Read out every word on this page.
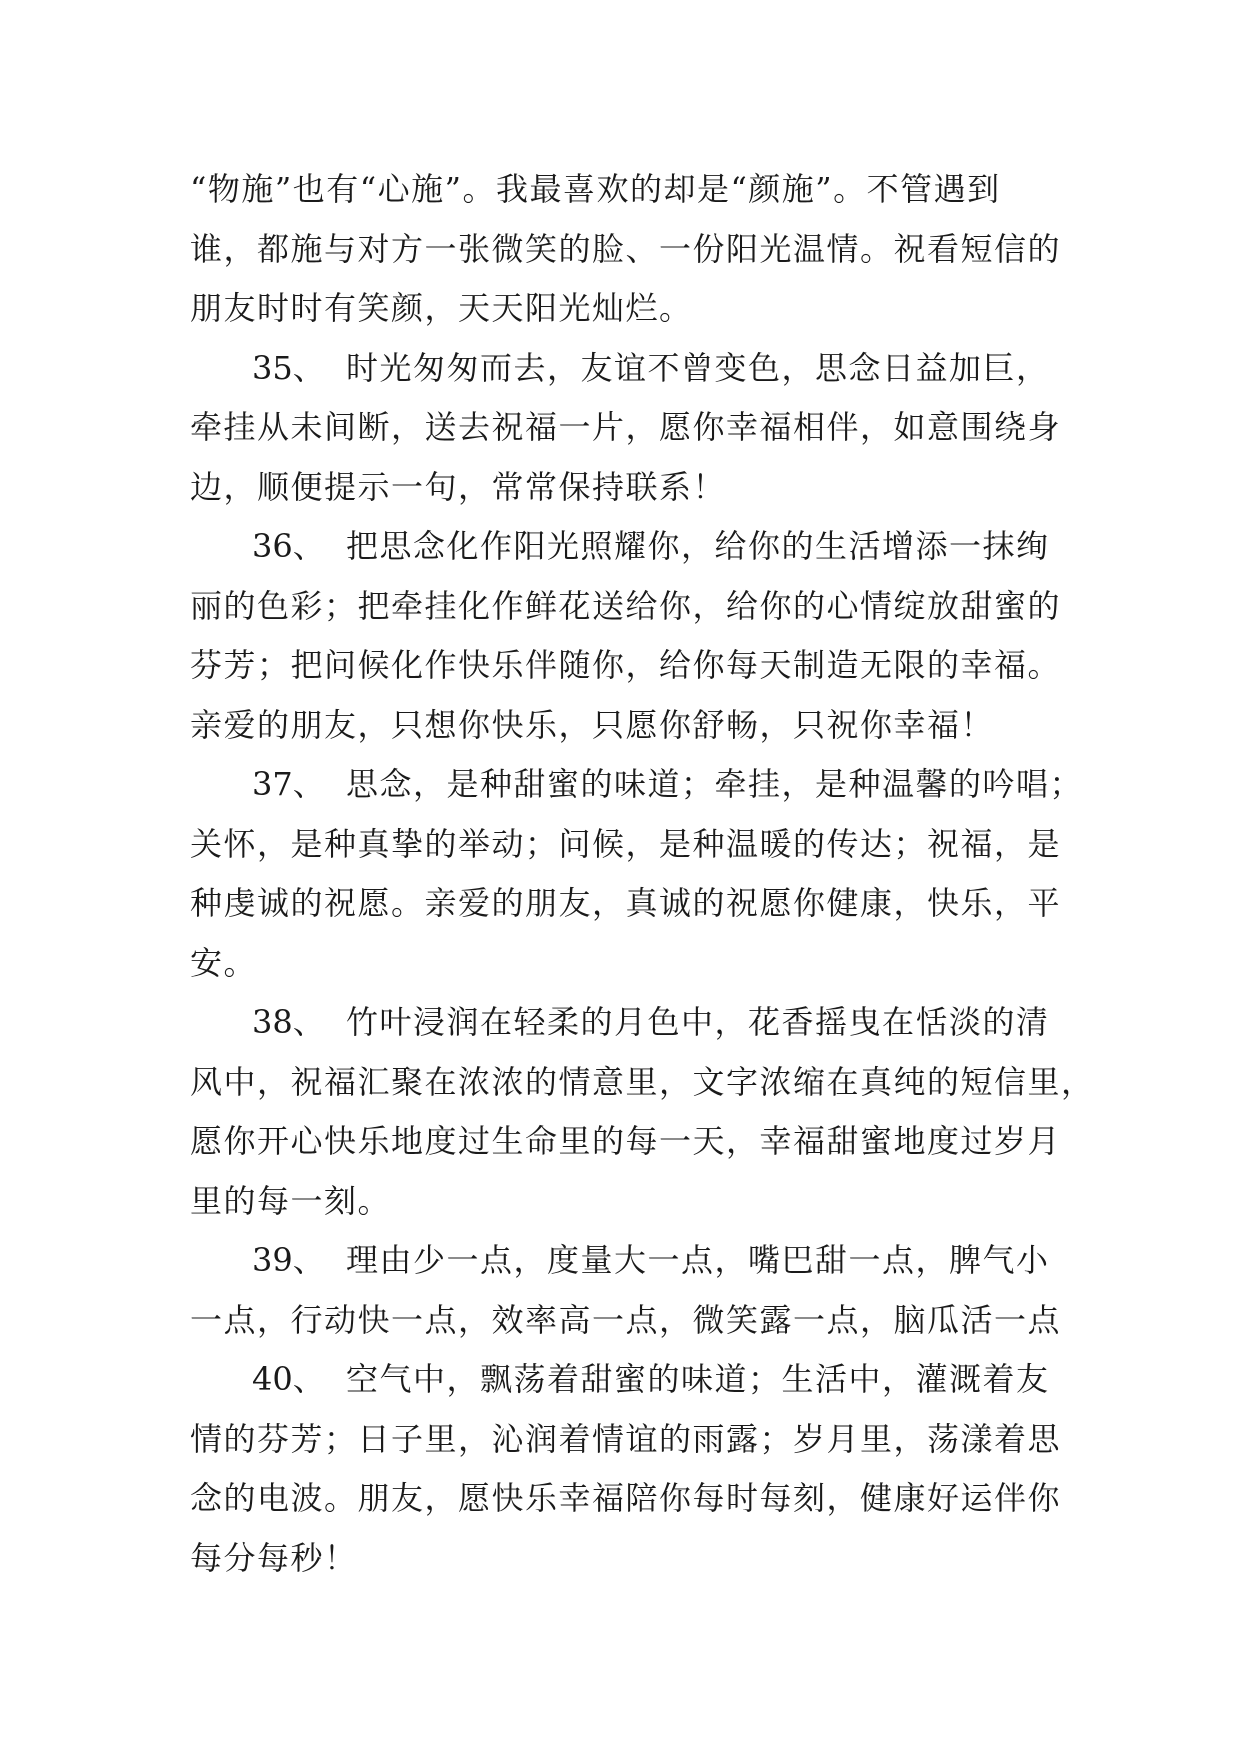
“物施”也有“心施”。我最喜欢的却是“颜施”。不管遇到
谁，都施与对方一张微笑的脸、一份阳光温情。祝看短信的
朋友时时有笑颜，天天阳光灿烂。
35、 时光匆匆而去，友谊不曾变色，思念日益加巨，
牵挂从未间断，送去祝福一片，愿你幸福相伴，如意围绕身
边，顺便提示一句，常常保持联系！
36、 把思念化作阳光照耀你，给你的生活增添一抹绚
丽的色彩；把牵挂化作鲜花送给你，给你的心情绽放甜蜜的
芬芳；把问候化作快乐伴随你，给你每天制造无限的幸福。
亲爱的朋友，只想你快乐，只愿你舒畅，只祝你幸福！
37、 思念，是种甜蜜的味道；牵挂，是种温馨的吟唱；
关怀，是种真挚的举动；问候，是种温暖的传达；祝福，是
种虔诚的祝愿。亲爱的朋友，真诚的祝愿你健康，快乐，平
安。
38、 竹叶浸润在轻柔的月色中，花香摇曳在恬淡的清
风中，祝福汇聚在浓浓的情意里，文字浓缩在真纯的短信里，
愿你开心快乐地度过生命里的每一天，幸福甜蜜地度过岁月
里的每一刻。
39、 理由少一点，度量大一点，嘴巴甜一点，脾气小
一点，行动快一点，效率高一点，微笑露一点，脑瓜活一点
40、 空气中，飘荡着甜蜜的味道；生活中，灌溉着友
情的芬芳；日子里，沁润着情谊的雨露；岁月里，荡漾着思
念的电波。朋友，愿快乐幸福陪你每时每刻，健康好运伴你
每分每秒！
